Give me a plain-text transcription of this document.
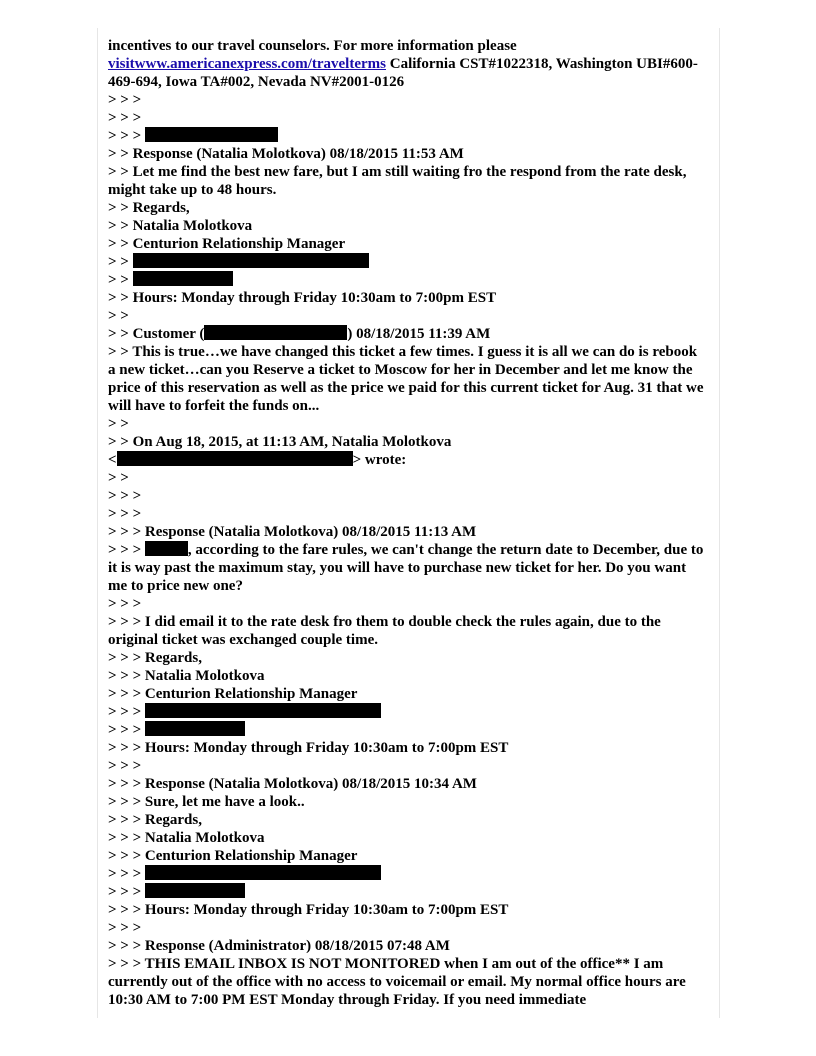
incentives to our travel counselors. For more information please visitwww.americanexpress.com/travelterms California CST#1022318, Washington UBI#600-469-694, Iowa TA#002, Nevada NV#2001-0126

> > >

> > >

> > >

> > Response (Natalia Molotkova) 08/18/2015 11:53 AM

> > Let me find the best new fare, but I am still waiting fro the respond from the rate desk, might take up to 48 hours.

> > Regards,

> > Natalia Molotkova

> > Centurion Relationship Manager

> >

> >

> > Hours: Monday through Friday 10:30am to 7:00pm EST

> >

> > Customer (	) 08/18/2015 11:39 AM

> > This is true…we have changed this ticket a few times. I guess it is all we can do is rebook a new ticket…can you Reserve a ticket to Moscow for her in December and let me know the price of this reservation as well as the price we paid for this current ticket for Aug. 31 that we will have to forfeit the funds on...

> >

> > On Aug 18, 2015, at 11:13 AM, Natalia Molotkova

<	> wrote:

> >

> > >

> > >

> > > Response (Natalia Molotkova) 08/18/2015 11:13 AM

> > >	, according to the fare rules, we can't change the return date to December, due to it is way past the maximum stay, you will have to purchase new ticket for her. Do you want me to price new one?

> > >

> > > I did email it to the rate desk fro them to double check the rules again, due to the original ticket was exchanged couple time.

> > > Regards,

> > > Natalia Molotkova

> > > Centurion Relationship Manager

> > >

> > >

> > > Hours: Monday through Friday 10:30am to 7:00pm EST

> > >

> > > Response (Natalia Molotkova) 08/18/2015 10:34 AM

> > > Sure, let me have a look..

> > > Regards,

> > > Natalia Molotkova

> > > Centurion Relationship Manager

> > >

> > >

> > > Hours: Monday through Friday 10:30am to 7:00pm EST

> > >

> > > Response (Administrator) 08/18/2015 07:48 AM

> > > THIS EMAIL INBOX IS NOT MONITORED when I am out of the office** I am currently out of the office with no access to voicemail or email. My normal office hours are 10:30 AM to 7:00 PM EST Monday through Friday. If you need immediate
